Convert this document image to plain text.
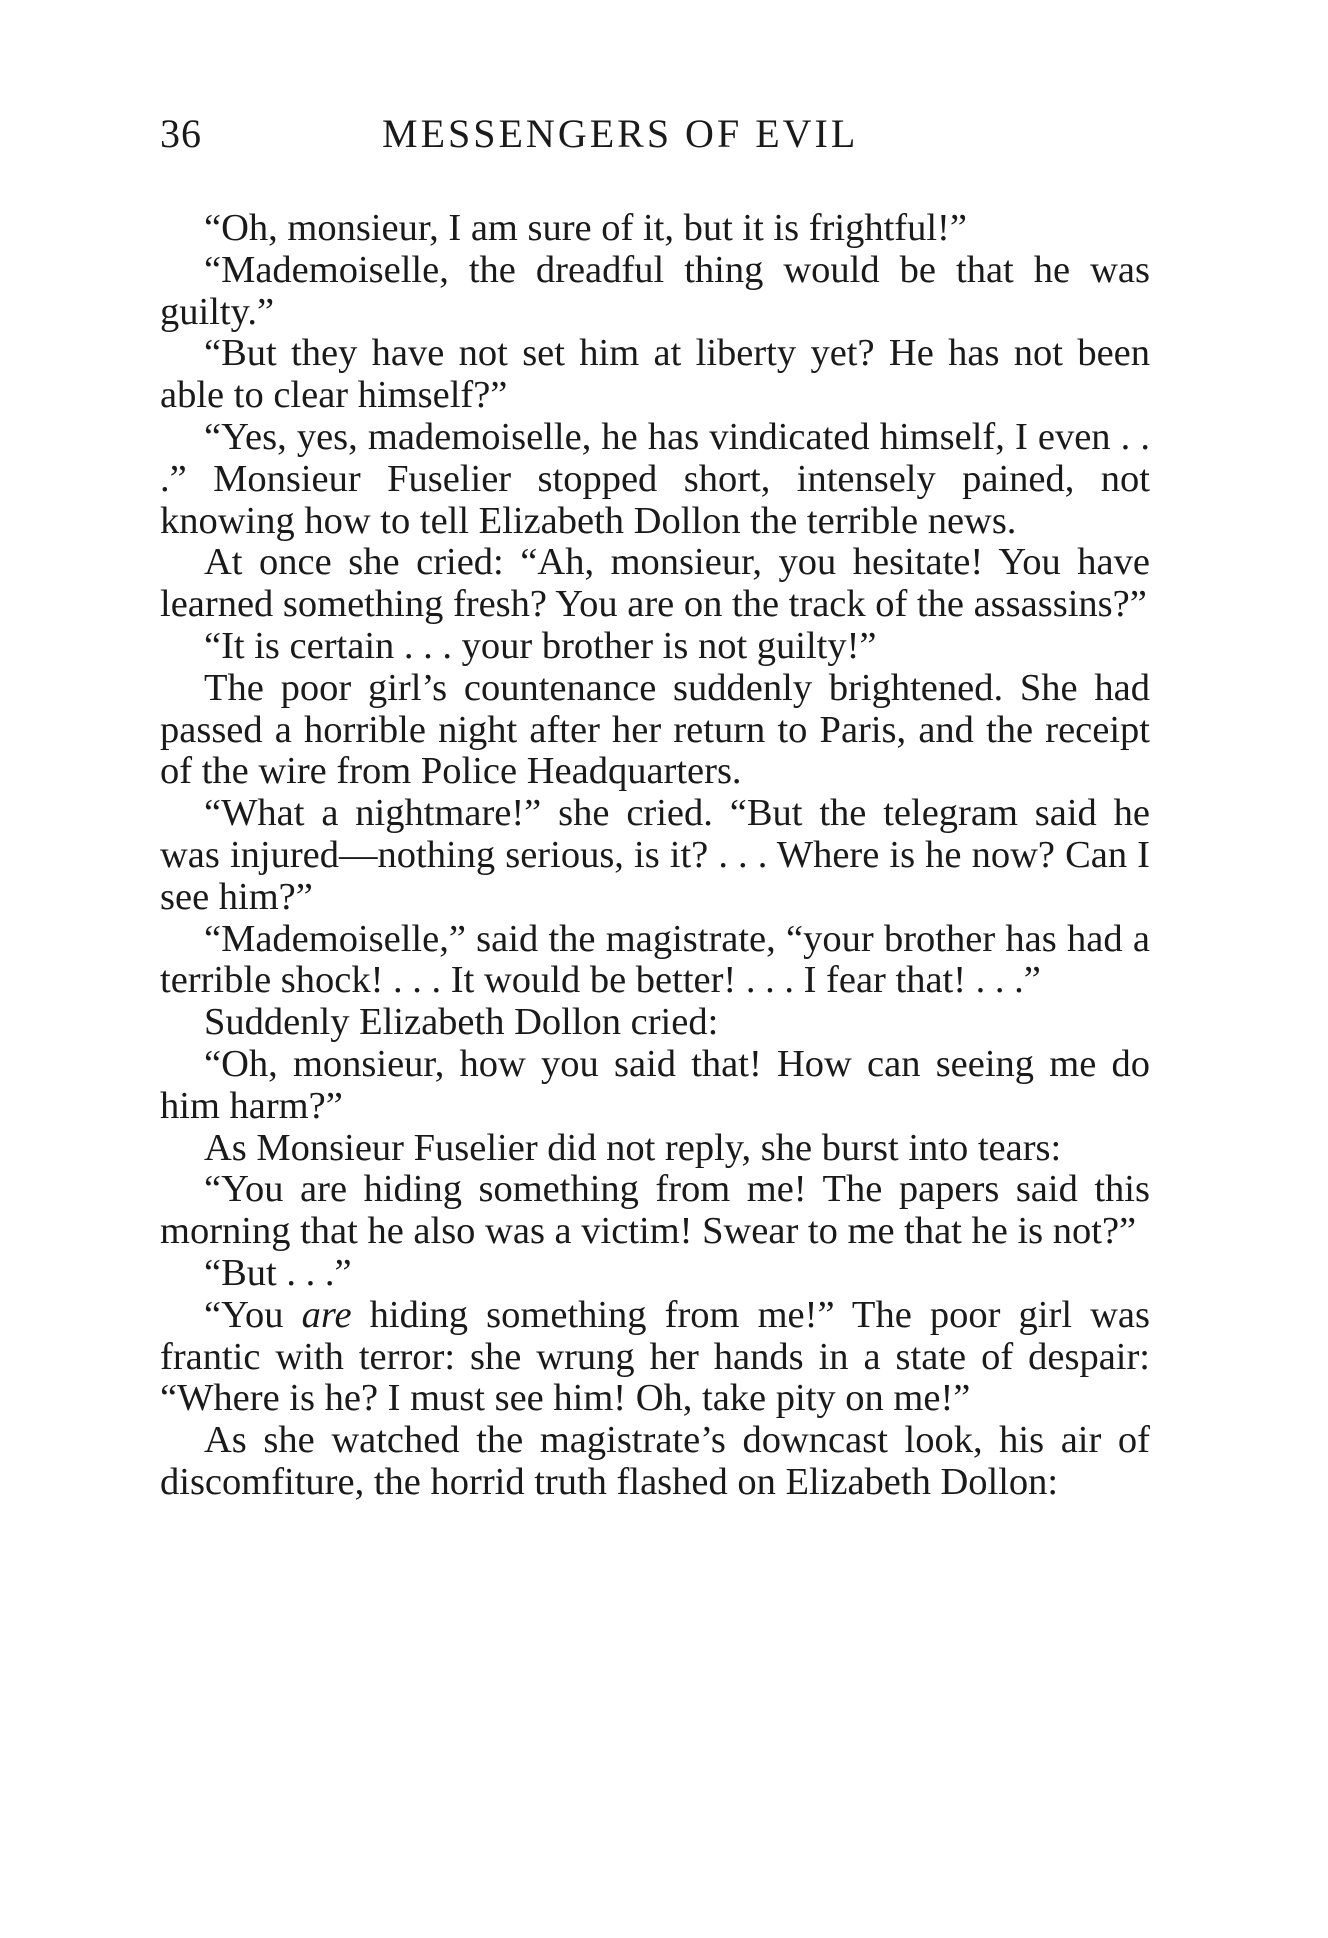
36	MESSENGERS OF EVIL

“Oh, monsieur, I am sure of it, but it is frightful!”

“Mademoiselle, the dreadful thing would be that he was guilty.”

“But they have not set him at liberty yet? He has not been able to clear himself?”

“Yes, yes, mademoiselle, he has vindicated himself, I even . . .” Monsieur Fuselier stopped short, intensely pained, not knowing how to tell Elizabeth Dollon the terrible news.

At once she cried: “Ah, monsieur, you hesitate! You have learned something fresh? You are on the track of the assassins?”

“It is certain . . . your brother is not guilty!”

The poor girl’s countenance suddenly brightened. She had passed a horrible night after her return to Paris, and the receipt of the wire from Police Headquarters.

“What a nightmare!” she cried. “But the telegram said he was injured—nothing serious, is it? . . . Where is he now? Can I see him?”

“Mademoiselle,” said the magistrate, “your brother has had a terrible shock! . . . It would be better! . . . I fear that! . . .”

Suddenly Elizabeth Dollon cried:

“Oh, monsieur, how you said that! How can seeing me do him harm?”

As Monsieur Fuselier did not reply, she burst into tears:

“You are hiding something from me! The papers said this morning that he also was a victim! Swear to me that he is not?”

“But . . .”

“You are hiding something from me!” The poor girl was frantic with terror: she wrung her hands in a state of despair: “Where is he? I must see him! Oh, take pity on me!”

As she watched the magistrate’s downcast look, his air of discomfiture, the horrid truth flashed on Elizabeth Dollon:
